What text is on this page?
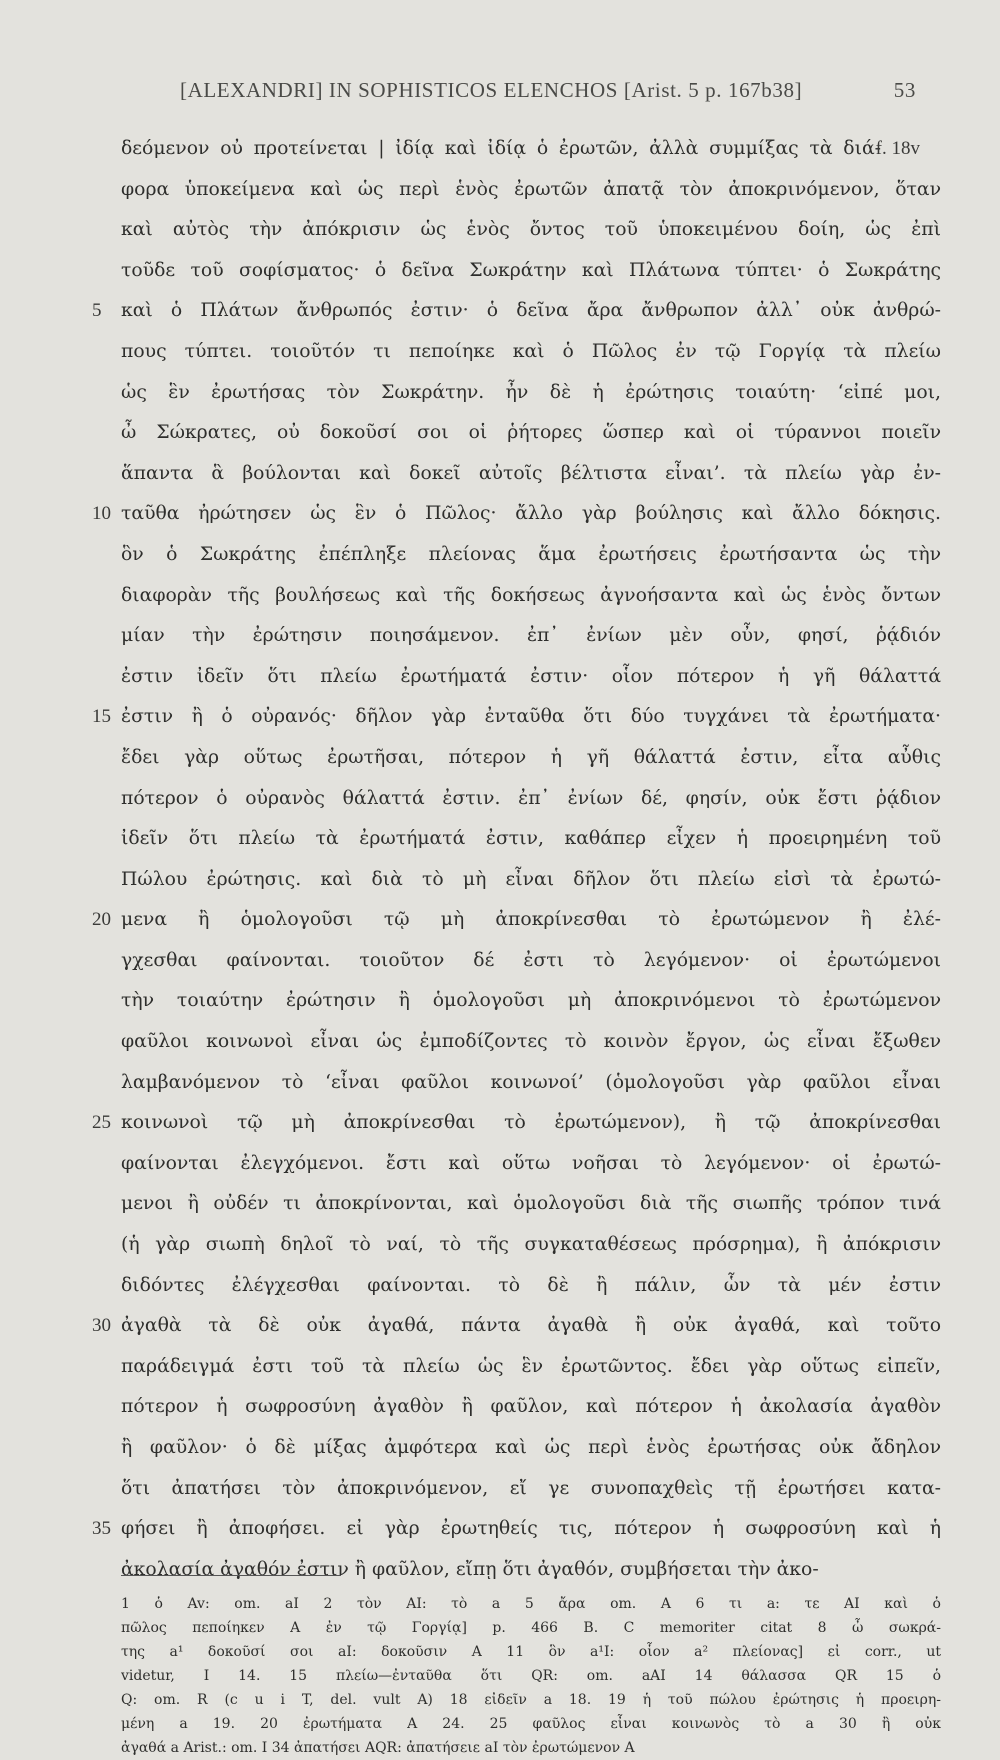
[ALEXANDRI] IN SOPHISTICOS ELENCHOS [Arist. 5 p. 167b38]	53
δεόμενον οὐ προτείνεται | ἰδίᾳ καὶ ἰδίᾳ ὁ ἐρωτῶν, ἀλλὰ συμμίξας τὰ διά-
f. 18v
φορα ὑποκείμενα καὶ ὡς περὶ ἑνὸς ἐρωτῶν ἀπατᾷ τὸν ἀποκρινόμενον, ὅταν
καὶ αὐτὸς τὴν ἀπόκρισιν ὡς ἑνὸς ὄντος τοῦ ὑποκειμένου δοίη, ὡς ἐπὶ
τοῦδε τοῦ σοφίσματος· ὁ δεῖνα Σωκράτην καὶ Πλάτωνα τύπτει· ὁ Σωκράτης
5	καὶ ὁ Πλάτων ἄνθρωπός ἐστιν· ὁ δεῖνα ἄρα ἄνθρωπον ἀλλ᾽ οὐκ ἀνθρώ-
πους τύπτει. τοιοῦτόν τι πεποίηκε καὶ ὁ Πῶλος ἐν τῷ Γοργίᾳ τὰ πλείω
ὡς ἓν ἐρωτήσας τὸν Σωκράτην. ἦν δὲ ἡ ἐρώτησις τοιαύτη· ‘εἰπέ μοι,
ὦ Σώκρατες, οὐ δοκοῦσί σοι οἱ ῥήτορες ὥσπερ καὶ οἱ τύραννοι ποιεῖν
ἅπαντα ἃ βούλονται καὶ δοκεῖ αὐτοῖς βέλτιστα εἶναι’. τὰ πλείω γὰρ ἐν-
10 ταῦθα ἠρώτησεν ὡς ἓν ὁ Πῶλος· ἄλλο γὰρ βούλησις καὶ ἄλλο δόκησις.
ὃν ὁ Σωκράτης ἐπέπληξε πλείονας ἅμα ἐρωτήσεις ἐρωτήσαντα ὡς τὴν
διαφορὰν τῆς βουλήσεως καὶ τῆς δοκήσεως ἀγνοήσαντα καὶ ὡς ἑνὸς ὄντων
μίαν τὴν ἐρώτησιν ποιησάμενον. ἐπ᾽ ἐνίων μὲν οὖν, φησί, ῥᾴδιόν
ἐστιν ἰδεῖν ὅτι πλείω ἐρωτήματά ἐστιν· οἷον πότερον ἡ γῆ θάλαττά
15 ἐστιν ἢ ὁ οὐρανός· δῆλον γὰρ ἐνταῦθα ὅτι δύο τυγχάνει τὰ ἐρωτήματα·
ἔδει γὰρ οὕτως ἐρωτῆσαι, πότερον ἡ γῆ θάλαττά ἐστιν, εἶτα αὖθις
πότερον ὁ οὐρανὸς θάλαττά ἐστιν. ἐπ᾽ ἐνίων δέ, φησίν, οὐκ ἔστι ῥᾴδιον
ἰδεῖν ὅτι πλείω τὰ ἐρωτήματά ἐστιν, καθάπερ εἶχεν ἡ προειρημένη τοῦ
Πώλου ἐρώτησις. καὶ διὰ τὸ μὴ εἶναι δῆλον ὅτι πλείω εἰσὶ τὰ ἐρωτώ-
20 μενα ἢ ὁμολογοῦσι τῷ μὴ ἀποκρίνεσθαι τὸ ἐρωτώμενον ἢ ἐλέ-
γχεσθαι φαίνονται. τοιοῦτον δέ ἐστι τὸ λεγόμενον· οἱ ἐρωτώμενοι
τὴν τοιαύτην ἐρώτησιν ἢ ὁμολογοῦσι μὴ ἀποκρινόμενοι τὸ ἐρωτώμενον
φαῦλοι κοινωνοὶ εἶναι ὡς ἐμποδίζοντες τὸ κοινὸν ἔργον, ὡς εἶναι ἔξωθεν
λαμβανόμενον τὸ ‘εἶναι φαῦλοι κοινωνοί’ (ὁμολογοῦσι γὰρ φαῦλοι εἶναι
25 κοινωνοὶ τῷ μὴ ἀποκρίνεσθαι τὸ ἐρωτώμενον), ἢ τῷ ἀποκρίνεσθαι
φαίνονται ἐλεγχόμενοι. ἔστι καὶ οὕτω νοῆσαι τὸ λεγόμενον· οἱ ἐρωτώ-
μενοι ἢ οὐδέν τι ἀποκρίνονται, καὶ ὁμολογοῦσι διὰ τῆς σιωπῆς τρόπον τινά
(ἡ γὰρ σιωπὴ δηλοῖ τὸ ναί, τὸ τῆς συγκαταθέσεως πρόσρημα), ἢ ἀπόκρισιν
διδόντες ἐλέγχεσθαι φαίνονται. τὸ δὲ ἢ πάλιν, ὧν τὰ μέν ἐστιν
30 ἀγαθὰ τὰ δὲ οὐκ ἀγαθά, πάντα ἀγαθὰ ἢ οὐκ ἀγαθά, καὶ τοῦτο
παράδειγμά ἐστι τοῦ τὰ πλείω ὡς ἓν ἐρωτῶντος. ἔδει γὰρ οὕτως εἰπεῖν,
πότερον ἡ σωφροσύνη ἀγαθὸν ἢ φαῦλον, καὶ πότερον ἡ ἀκολασία ἀγαθὸν
ἢ φαῦλον· ὁ δὲ μίξας ἀμφότερα καὶ ὡς περὶ ἑνὸς ἐρωτήσας οὐκ ἄδηλον
ὅτι ἀπατήσει τὸν ἀποκρινόμενον, εἴ γε συνοπαχθεὶς τῇ ἐρωτήσει κατα-
35 φήσει ἢ ἀποφήσει. εἰ γὰρ ἐρωτηθείς τις, πότερον ἡ σωφροσύνη καὶ ἡ
ἀκολασία ἀγαθόν ἐστιν ἢ φαῦλον, εἴπῃ ὅτι ἀγαθόν, συμβήσεται τὴν ἀκο-
1 ὁ Av: om. aI 2 τὸν AI: τὸ a 5 ἄρα om. A 6 τι a: τε AI καὶ ὁ
πῶλος πεποίηκεν A ἐν τῷ Γοργίᾳ] p. 466 B. C memoriter citat 8 ὦ σωκρά-
της a¹ δοκοῦσί σοι aI: δοκοῦσιν A 11 ὃν a¹I: οἷον a² πλείονας] εἰ corr., ut
videtur, I 14. 15 πλείω—ἐνταῦθα ὅτι QR: om. aAI 14 θάλασσα QR 15 ὁ
Q: om. R (c u i T, del. vult A) 18 εἰδεῖν a 18. 19 ἡ τοῦ πώλου ἐρώτησις ἡ προειρη-
μένη a 19. 20 ἐρωτήματα A 24. 25 φαῦλος εἶναι κοινωνὸς τὸ a 30 ἢ οὐκ
ἀγαθά a Arist.: om. I 34 ἀπατήσει AQR: ἀπατήσειε aI τὸν ἐρωτώμενον A
